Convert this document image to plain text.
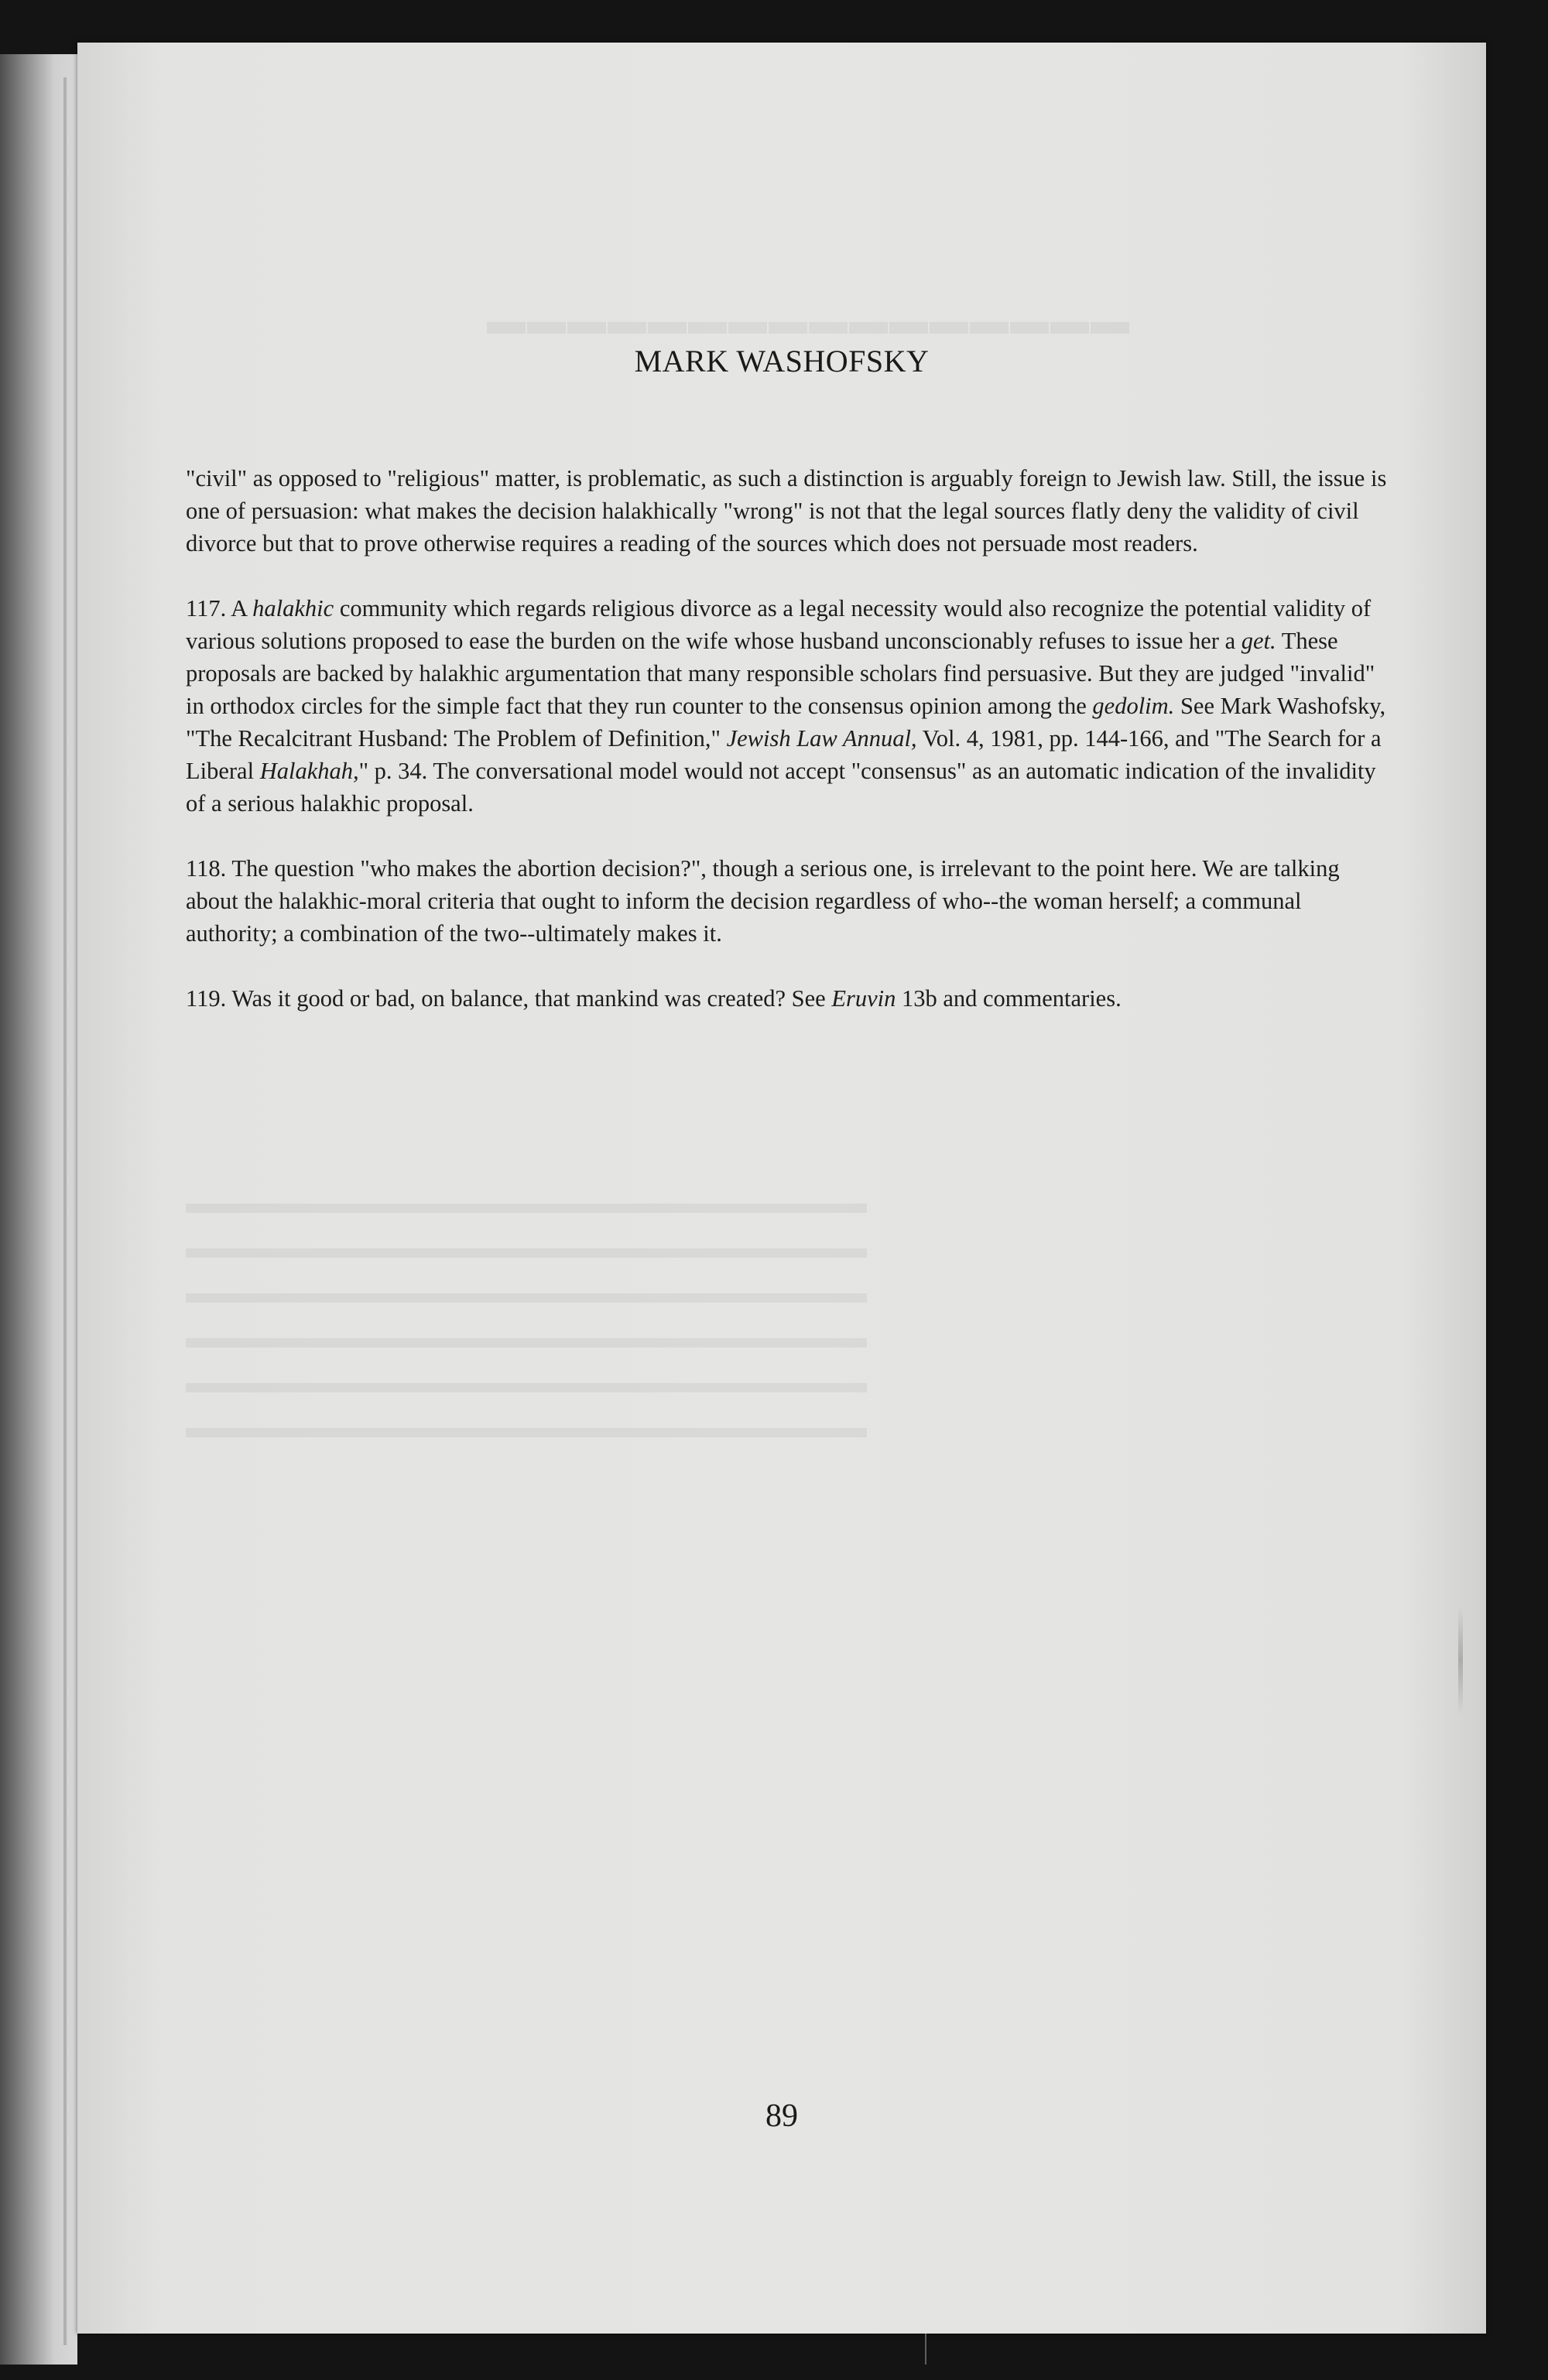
▬▬▬▬▬▬▬▬▬▬▬▬▬▬▬▬
▬▬▬▬▬▬▬▬▬▬▬▬▬▬▬▬▬▬▬▬▬▬
▬▬▬▬▬▬▬▬▬▬▬▬▬▬▬▬▬▬▬▬▬▬
▬▬▬▬▬▬▬▬▬▬▬▬▬▬▬▬▬▬▬▬▬▬
▬▬▬▬▬▬▬▬▬▬▬▬▬▬▬▬▬▬▬▬▬▬
▬▬▬▬▬▬▬▬▬▬▬▬▬▬▬▬▬▬▬▬▬▬
▬▬▬▬▬▬▬▬▬▬▬▬▬▬▬▬▬▬▬▬▬▬
MARK WASHOFSKY

"civil" as opposed to "religious" matter, is problematic, as such a distinction is arguably foreign to Jewish law. Still, the issue is one of persuasion: what makes the decision halakhically "wrong" is not that the legal sources flatly deny the validity of civil divorce but that to prove otherwise requires a reading of the sources which does not persuade most readers.

117. A halakhic community which regards religious divorce as a legal necessity would also recognize the potential validity of various solutions proposed to ease the burden on the wife whose husband unconscionably refuses to issue her a get. These proposals are backed by halakhic argumentation that many responsible scholars find persuasive. But they are judged "invalid" in orthodox circles for the simple fact that they run counter to the consensus opinion among the gedolim. See Mark Washofsky, "The Recalcitrant Husband: The Problem of Definition," Jewish Law Annual, Vol. 4, 1981, pp. 144-166, and "The Search for a Liberal Halakhah," p. 34. The conversational model would not accept "consensus" as an automatic indication of the invalidity of a serious halakhic proposal.

118. The question "who makes the abortion decision?", though a serious one, is irrelevant to the point here. We are talking about the halakhic-moral criteria that ought to inform the decision regardless of who--the woman herself; a communal authority; a combination of the two--ultimately makes it.

119. Was it good or bad, on balance, that mankind was created? See Eruvin 13b and commentaries.

89
